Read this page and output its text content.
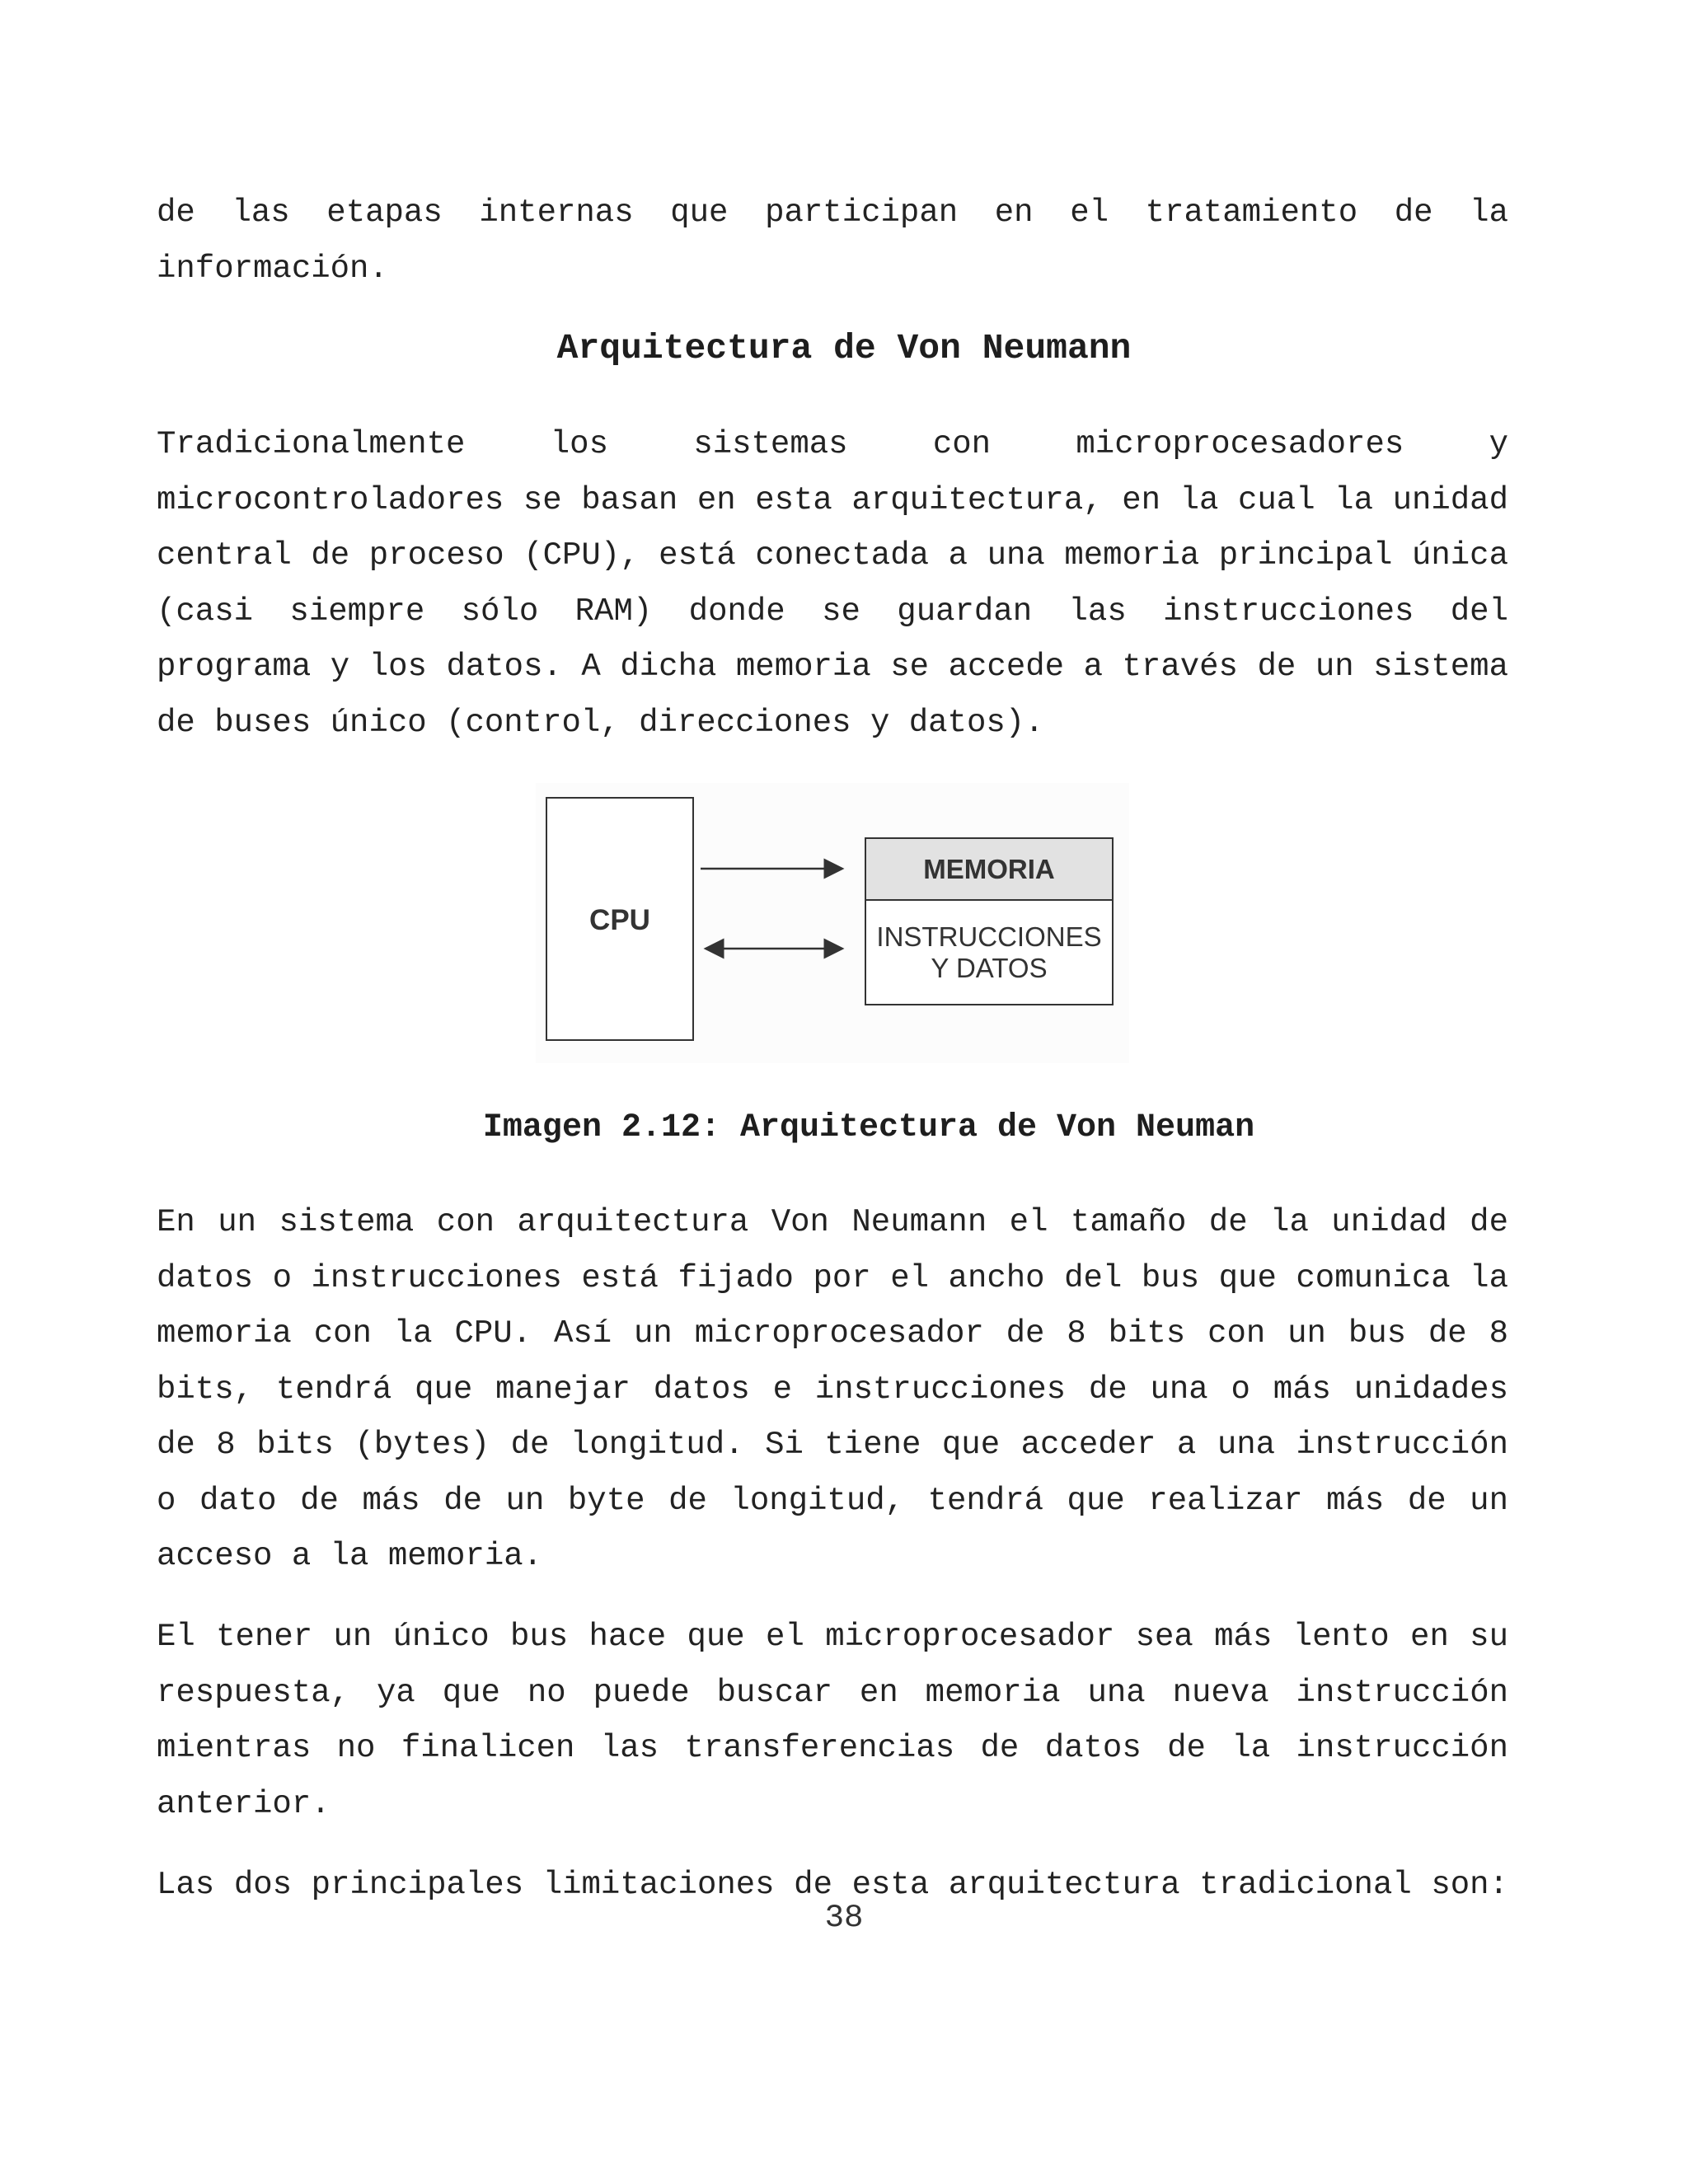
de las etapas internas que participan en el tratamiento de la información.

Arquitectura de Von Neumann

Tradicionalmente los sistemas con microprocesadores y microcontroladores se basan en esta arquitectura, en la cual la unidad central de proceso (CPU), está conectada a una memoria principal única (casi siempre sólo RAM) donde se guardan las instrucciones del programa y los datos. A dicha memoria se accede a través de un sistema de buses único (control, direcciones y datos).

CPU
MEMORIA
INSTRUCCIONES
Y DATOS
Imagen 2.12: Arquitectura de Von Neuman

En un sistema con arquitectura Von Neumann el tamaño de la unidad de datos o instrucciones está fijado por el ancho del bus que comunica la memoria con la CPU. Así un microprocesador de 8 bits con un bus de 8 bits, tendrá que manejar datos e instrucciones de una o más unidades de 8 bits (bytes) de longitud. Si tiene que acceder a una instrucción o dato de más de un byte de longitud, tendrá que realizar más de un acceso a la memoria.

El tener un único bus hace que el microprocesador sea más lento en su respuesta, ya que no puede buscar en memoria una nueva instrucción mientras no finalicen las transferencias de datos de la instrucción anterior.

Las dos principales limitaciones de esta arquitectura tradicional son:

38
